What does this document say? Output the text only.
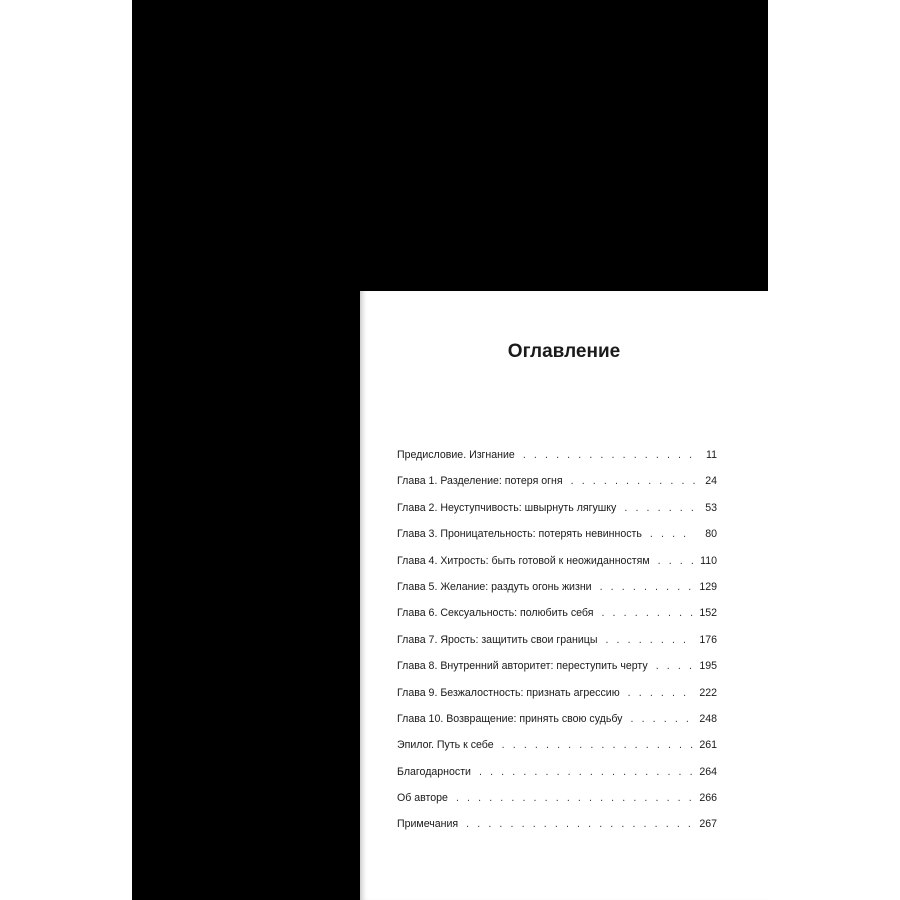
Оглавление
Предисловие. Изгнание . . .	11
Глава 1. Разделение: потеря огня . . .	24
Глава 2. Неуступчивость: швырнуть лягушку . . .	53
Глава 3. Проницательность: потерять невинность . . .	80
Глава 4. Хитрость: быть готовой к неожиданностям . . .	110
Глава 5. Желание: раздуть огонь жизни . . .	129
Глава 6. Сексуальность: полюбить себя . . .	152
Глава 7. Ярость: защитить свои границы . . .	176
Глава 8. Внутренний авторитет: переступить черту . . .	195
Глава 9. Безжалостность: признать агрессию . . .	222
Глава 10. Возвращение: принять свою судьбу . . .	248
Эпилог. Путь к себе . . .	261
Благодарности . . .	264
Об авторе . . .	266
Примечания . . .	267
